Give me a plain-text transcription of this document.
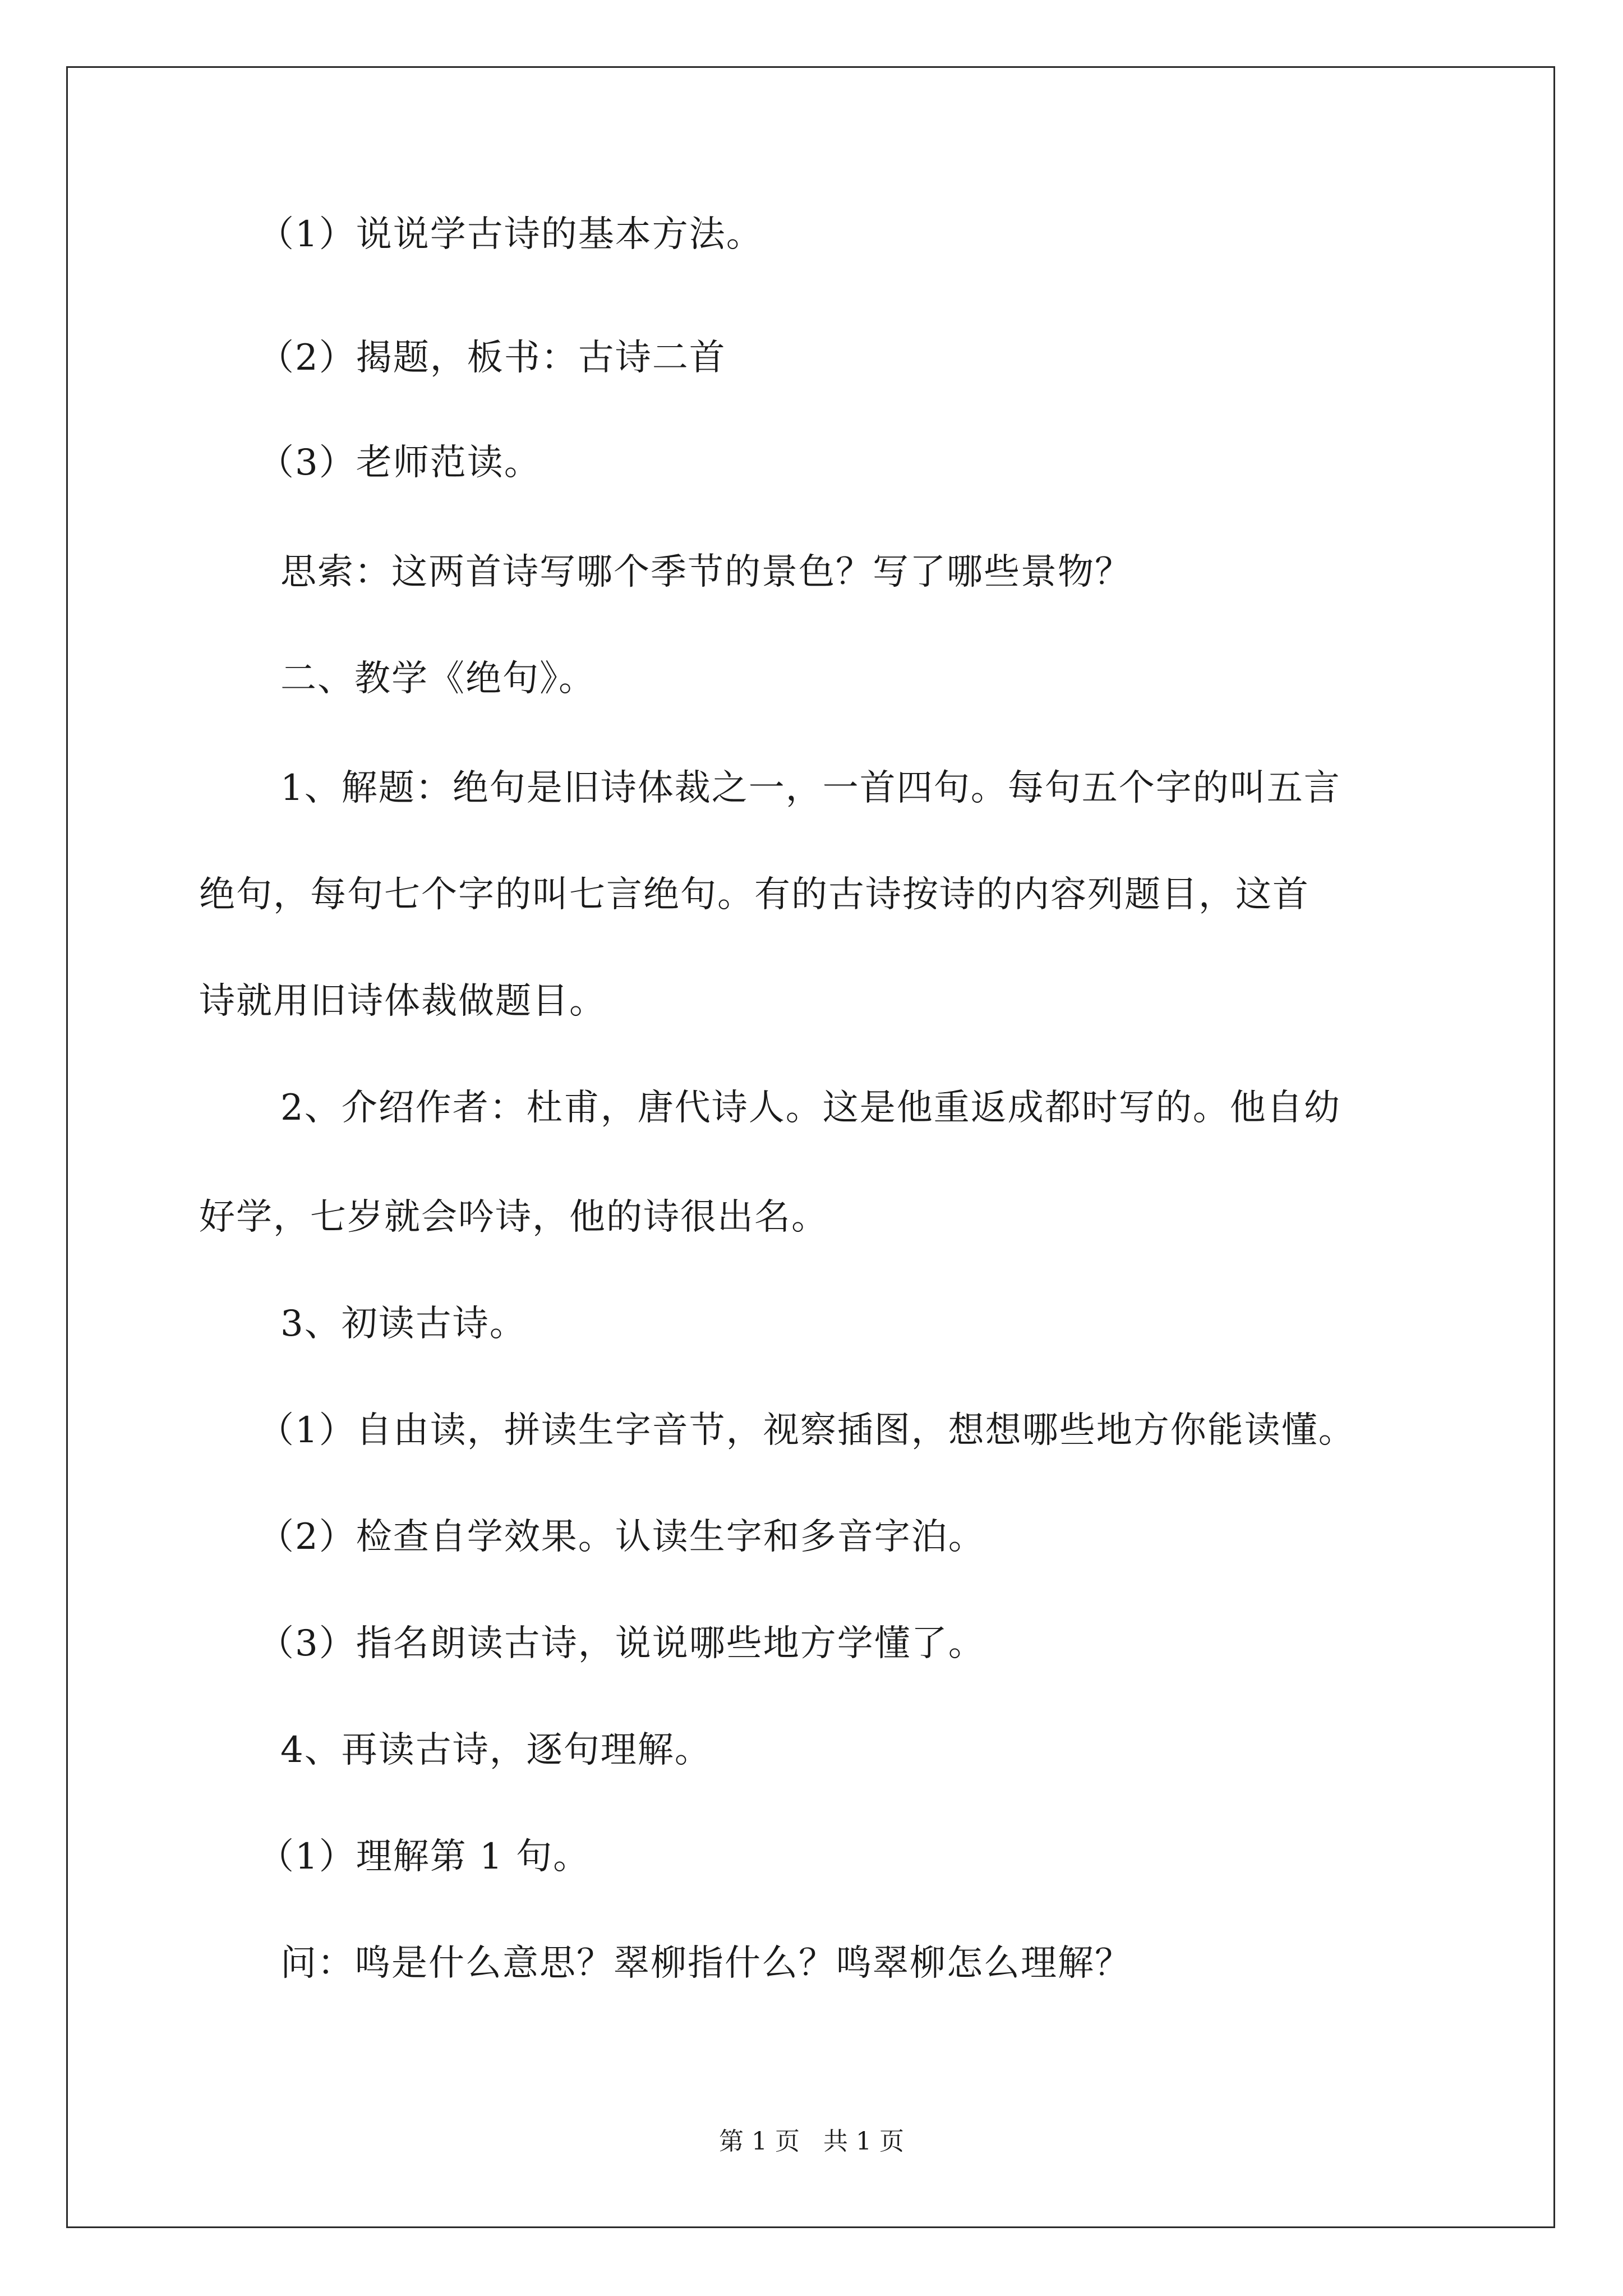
（1）说说学古诗的基本方法。
（2）揭题，板书：古诗二首
（3）老师范读。
思索：这两首诗写哪个季节的景色？写了哪些景物？
二、教学《绝句》。
1、解题：绝句是旧诗体裁之一，一首四句。每句五个字的叫五言
绝句，每句七个字的叫七言绝句。有的古诗按诗的内容列题目，这首
诗就用旧诗体裁做题目。
2、介绍作者：杜甫，唐代诗人。这是他重返成都时写的。他自幼
好学，七岁就会吟诗，他的诗很出名。
3、初读古诗。
（1）自由读，拼读生字音节，视察插图，想想哪些地方你能读懂。
（2）检查自学效果。认读生字和多音字泊。
（3）指名朗读古诗，说说哪些地方学懂了。
4、再读古诗，逐句理解。
（1）理解第 1 句。
问：鸣是什么意思？翠柳指什么？鸣翠柳怎么理解？
第 1 页   共 1 页
